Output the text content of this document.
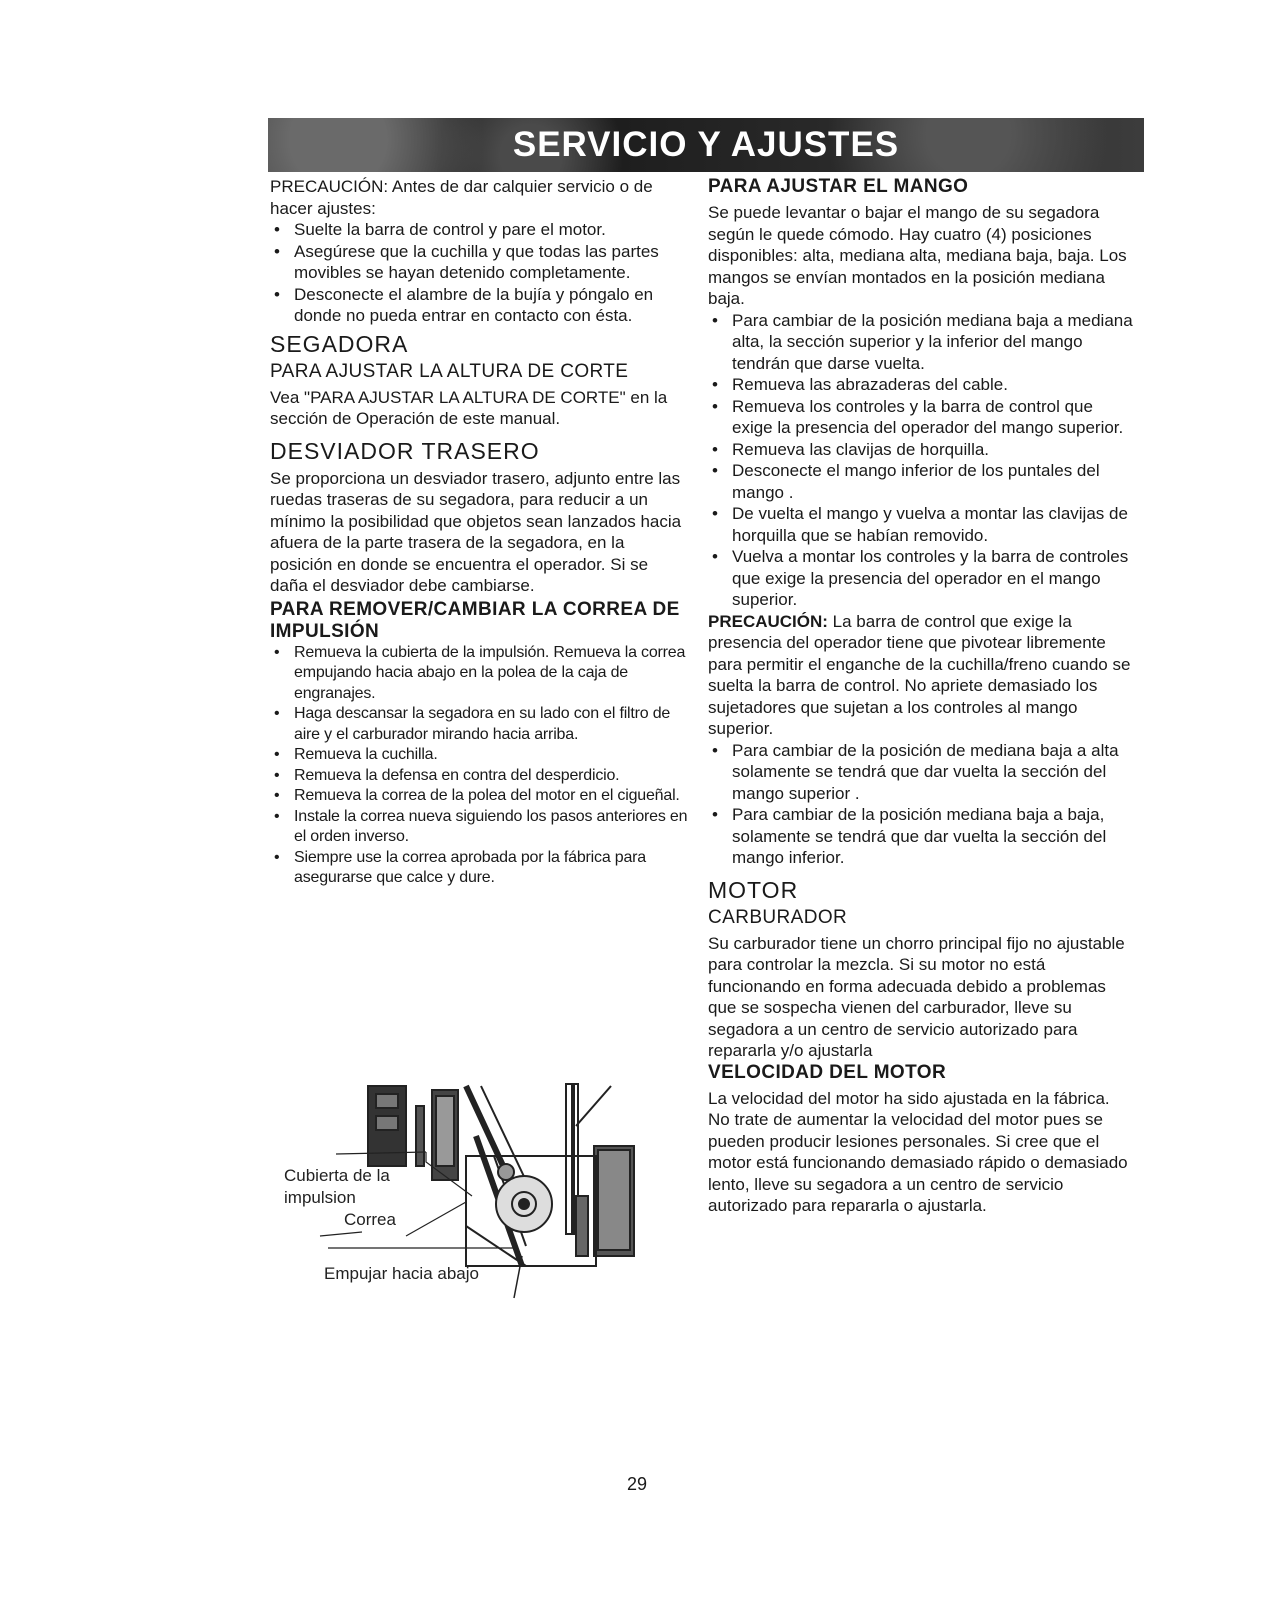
SERVICIO Y AJUSTES

PRECAUCIÓN: Antes de dar calquier servicio o de hacer ajustes:

• Suelte la barra de control y pare el motor.
• Asegúrese que la cuchilla y que todas las partes movibles se hayan detenido completamente.
• Desconecte el alambre de la bujía y póngalo en donde no pueda entrar en contacto con ésta.
SEGADORA
PARA AJUSTAR LA ALTURA DE CORTE

Vea "PARA AJUSTAR LA ALTURA DE CORTE" en la sección de Operación de este manual.

DESVIADOR TRASERO

Se proporciona un desviador trasero, adjunto entre las ruedas traseras de su segadora, para reducir a un mínimo la posibilidad que objetos sean lanzados hacia afuera de la parte trasera de la segadora, en la posición en donde se encuentra el operador. Si se daña el desviador debe cambiarse.

PARA REMOVER/CAMBIAR LA CORREA DE
IMPULSIÓN
• Remueva la cubierta de la impulsión. Remueva la correa empujando hacia abajo en la polea de la caja de engranajes.
• Haga descansar la segadora en su lado con el filtro de aire y el carburador mirando hacia arriba.
• Remueva la cuchilla.
• Remueva la defensa en contra del desperdicio.
• Remueva la correa de la polea del motor en el cigueñal.
• Instale la correa nueva siguiendo los pasos anteriores en el orden inverso.
• Siempre use la correa aprobada por la fábrica para asegurarse que calce y dure.
Cubierta de la
impulsion
Correa
Empujar hacia abajo
PARA AJUSTAR EL MANGO

Se puede levantar o bajar el mango de su segadora según le quede cómodo. Hay cuatro (4) posiciones disponibles: alta, mediana alta, mediana baja, baja. Los mangos se envían montados en la posición mediana baja.

• Para cambiar de la posición mediana baja a mediana alta, la sección superior y la inferior del mango tendrán que darse vuelta.
• Remueva las abrazaderas del cable.
• Remueva los controles y la barra de control que exige la presencia del operador del mango superior.
• Remueva las clavijas de horquilla.
• Desconecte el mango inferior de los puntales del mango .
• De vuelta el mango y vuelva a montar las clavijas de horquilla que se habían removido.
• Vuelva a montar los controles y la barra de controles que exige la presencia del operador en el mango superior.

PRECAUCIÓN: La barra de control que exige la presencia del operador tiene que pivotear libremente para permitir el enganche de la cuchilla/freno cuando se suelta la barra de control. No apriete demasiado los sujetadores que sujetan a los controles al mango superior.

• Para cambiar de la posición de mediana baja a alta solamente se tendrá que dar vuelta la sección del mango superior .
• Para cambiar de la posición mediana baja a baja, solamente se tendrá que dar vuelta la sección del mango inferior.
MOTOR
CARBURADOR

Su carburador tiene un chorro principal fijo no ajustable para controlar la mezcla. Si su motor no está funcionando en forma adecuada debido a problemas que se sospecha vienen del carburador, lleve su segadora a un centro de servicio autorizado para repararla y/o ajustarla

VELOCIDAD DEL MOTOR

La velocidad del motor ha sido ajustada en la fábrica. No trate de aumentar la velocidad del motor pues se pueden producir lesiones personales. Si cree que el motor está funcionando demasiado rápido o demasiado lento, lleve su segadora a un centro de servicio autorizado para repararla o ajustarla.

29
